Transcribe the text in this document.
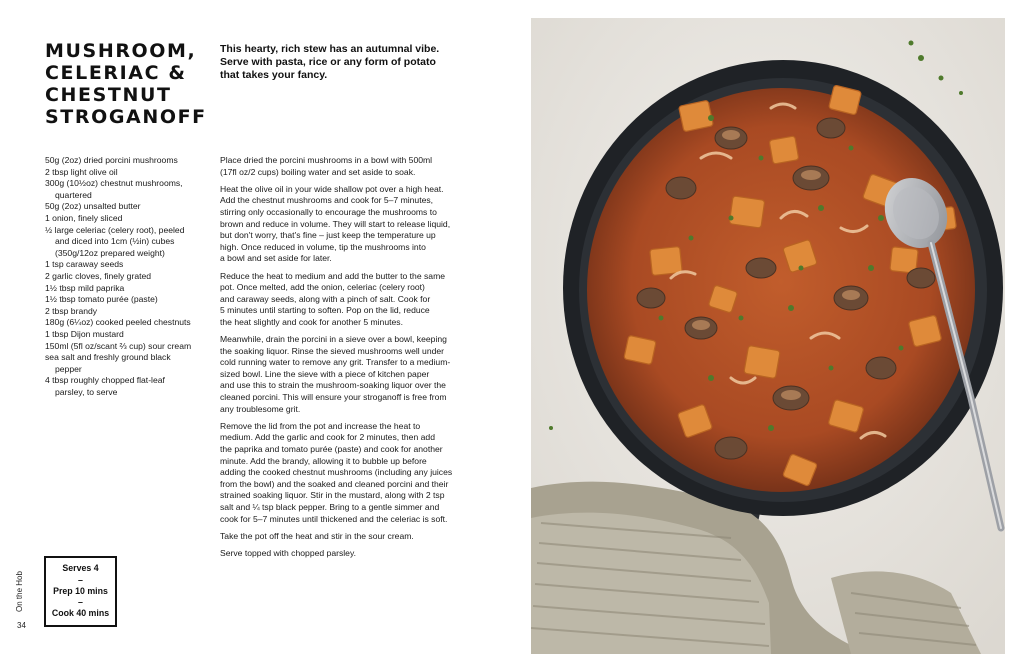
MUSHROOM,
CELERIAC &
CHESTNUT
STROGANOFF
This hearty, rich stew has an autumnal vibe.
Serve with pasta, rice or any form of potato
that takes your fancy.
50g (2oz) dried porcini mushrooms
2 tbsp light olive oil
300g (10½oz) chestnut mushrooms,
quartered
50g (2oz) unsalted butter
1 onion, finely sliced
½ large celeriac (celery root), peeled
and diced into 1cm (½in) cubes
(350g/12oz prepared weight)
1 tsp caraway seeds
2 garlic cloves, finely grated
1½ tbsp mild paprika
1½ tbsp tomato purée (paste)
2 tbsp brandy
180g (6¼oz) cooked peeled chestnuts
1 tbsp Dijon mustard
150ml (5fl oz/scant ⅔ cup) sour cream
sea salt and freshly ground black
pepper
4 tbsp roughly chopped flat-leaf
parsley, to serve

Place dried the porcini mushrooms in a bowl with 500ml
(17fl oz/2 cups) boiling water and set aside to soak.

Heat the olive oil in your wide shallow pot over a high heat.
Add the chestnut mushrooms and cook for 5–7 minutes,
stirring only occasionally to encourage the mushrooms to
brown and reduce in volume. They will start to release liquid,
but don't worry, that's fine – just keep the temperature up
high. Once reduced in volume, tip the mushrooms into
a bowl and set aside for later.

Reduce the heat to medium and add the butter to the same
pot. Once melted, add the onion, celeriac (celery root)
and caraway seeds, along with a pinch of salt. Cook for
5 minutes until starting to soften. Pop on the lid, reduce
the heat slightly and cook for another 5 minutes.

Meanwhile, drain the porcini in a sieve over a bowl, keeping
the soaking liquor. Rinse the sieved mushrooms well under
cold running water to remove any grit. Transfer to a medium-
sized bowl. Line the sieve with a piece of kitchen paper
and use this to strain the mushroom-soaking liquor over the
cleaned porcini. This will ensure your stroganoff is free from
any troublesome grit.

Remove the lid from the pot and increase the heat to
medium. Add the garlic and cook for 2 minutes, then add
the paprika and tomato purée (paste) and cook for another
minute. Add the brandy, allowing it to bubble up before
adding the cooked chestnut mushrooms (including any juices
from the bowl) and the soaked and cleaned porcini and their
strained soaking liquor. Stir in the mustard, along with 2 tsp
salt and ¼ tsp black pepper. Bring to a gentle simmer and
cook for 5–7 minutes until thickened and the celeriac is soft.

Take the pot off the heat and stir in the sour cream.

Serve topped with chopped parsley.

Serves 4
–
Prep 10 mins
–
Cook 40 mins
On the Hob
34
